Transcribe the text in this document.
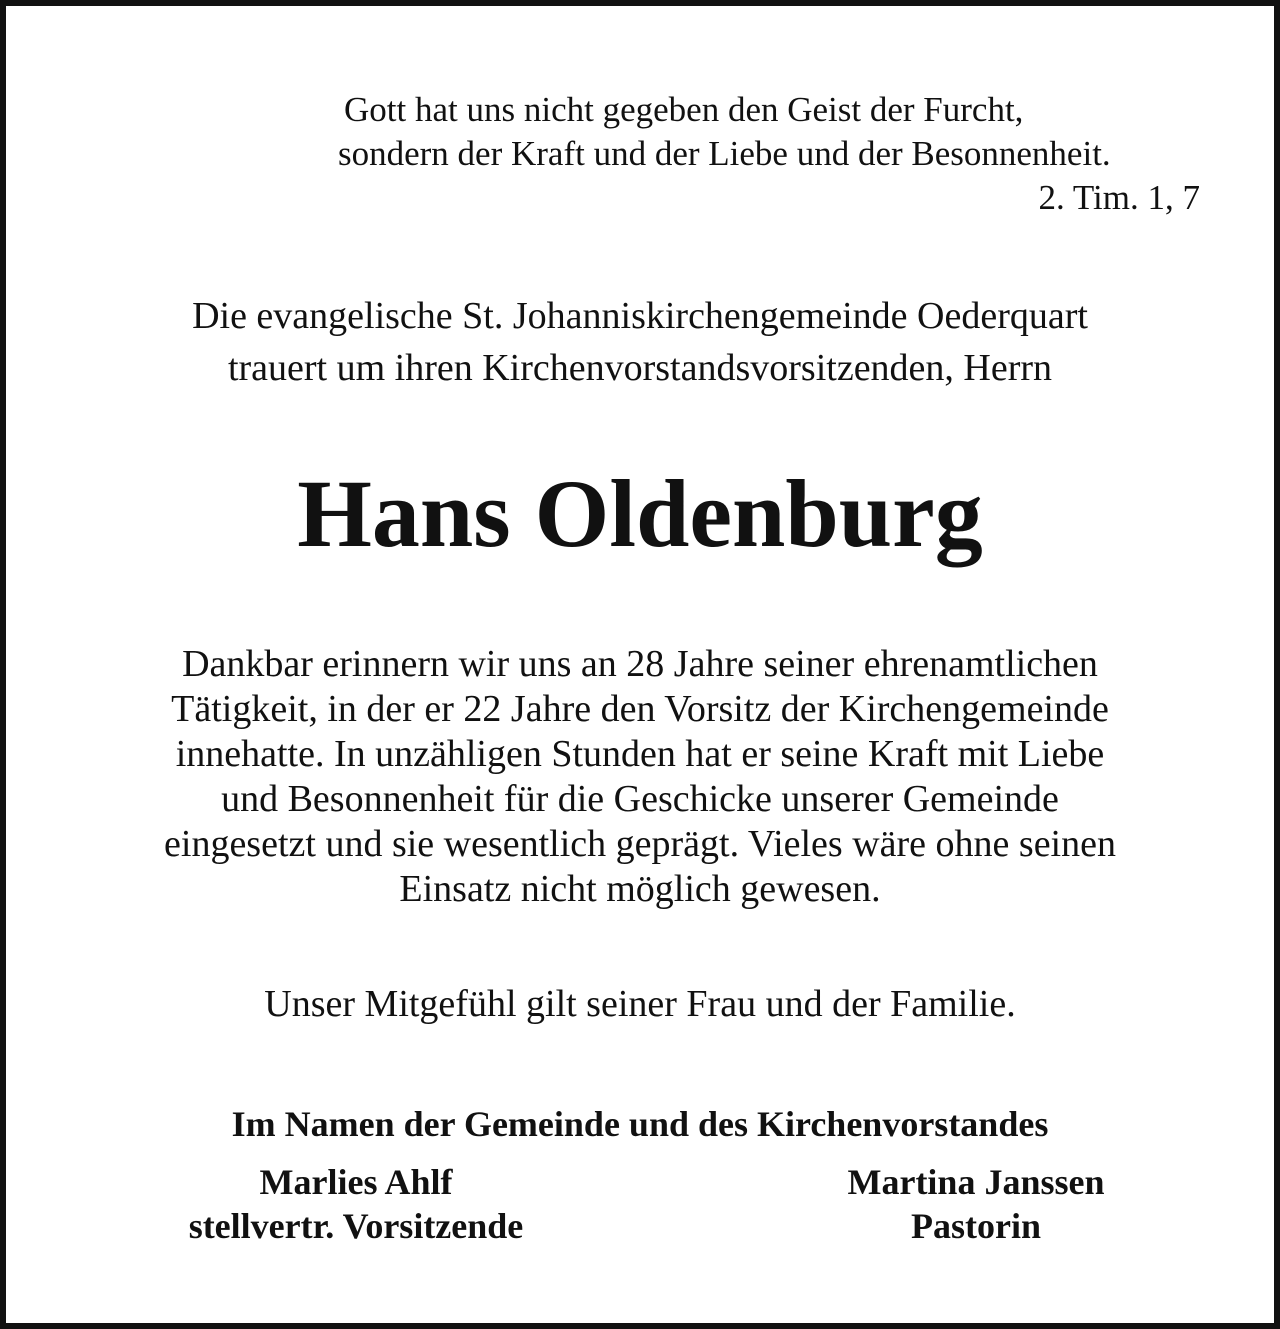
Gott hat uns nicht gegeben den Geist der Furcht,
sondern der Kraft und der Liebe und der Besonnenheit.
2. Tim. 1, 7
Die evangelische St. Johanniskirchengemeinde Oederquart
trauert um ihren Kirchenvorstandsvorsitzenden, Herrn
Hans Oldenburg
Dankbar erinnern wir uns an 28 Jahre seiner ehrenamtlichen
Tätigkeit, in der er 22 Jahre den Vorsitz der Kirchengemeinde
innehatte. In unzähligen Stunden hat er seine Kraft mit Liebe
und Besonnenheit für die Geschicke unserer Gemeinde
eingesetzt und sie wesentlich geprägt. Vieles wäre ohne seinen
Einsatz nicht möglich gewesen.
Unser Mitgefühl gilt seiner Frau und der Familie.
Im Namen der Gemeinde und des Kirchenvorstandes
Marlies Ahlf
stellvertr. Vorsitzende
Martina Janssen
Pastorin
